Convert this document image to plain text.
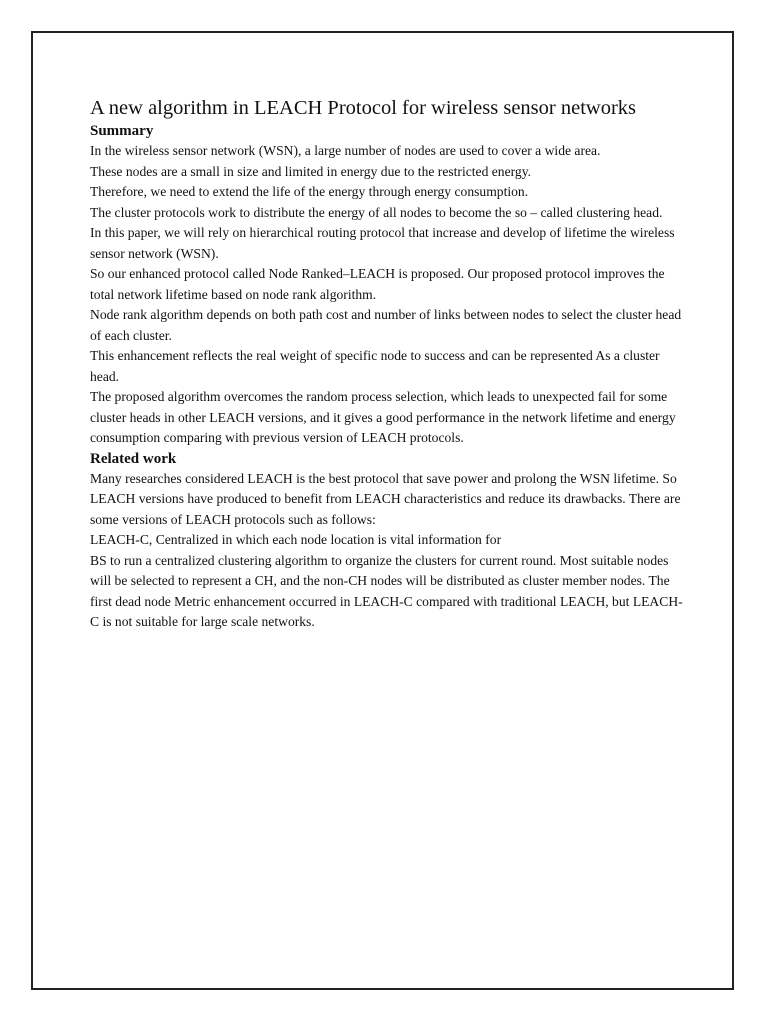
A new algorithm in LEACH Protocol for wireless sensor networks
Summary

In the wireless sensor network (WSN), a large number of nodes are used to cover a wide area.

These nodes are a small in size and limited in energy due to the restricted energy.

Therefore, we need to extend the life of the energy through energy consumption.

The cluster protocols work to distribute the energy of all nodes to become the so – called clustering head.

In this paper, we will rely on hierarchical routing protocol that increase and develop of lifetime the wireless sensor network (WSN).

So our enhanced protocol called Node Ranked–LEACH is proposed. Our proposed protocol improves the total network lifetime based on node rank algorithm.

Node rank algorithm depends on both path cost and number of links between nodes to select the cluster head of each cluster.

This enhancement reflects the real weight of specific node to success and can be represented As a cluster head.

The proposed algorithm overcomes the random process selection, which leads to unexpected fail for some cluster heads in other LEACH versions, and it gives a good performance in the network lifetime and energy consumption comparing with previous version of LEACH protocols.

Related work

Many researches considered LEACH is the best protocol that save power and prolong the WSN lifetime. So LEACH versions have produced to benefit from LEACH characteristics and reduce its drawbacks. There are some versions of LEACH protocols such as follows:

LEACH-C, Centralized in which each node location is vital information for

BS to run a centralized clustering algorithm to organize the clusters for current round. Most suitable nodes will be selected to represent a CH, and the non-CH nodes will be distributed as cluster member nodes. The first dead node Metric enhancement occurred in LEACH-C compared with traditional LEACH, but LEACH-C is not suitable for large scale networks.
